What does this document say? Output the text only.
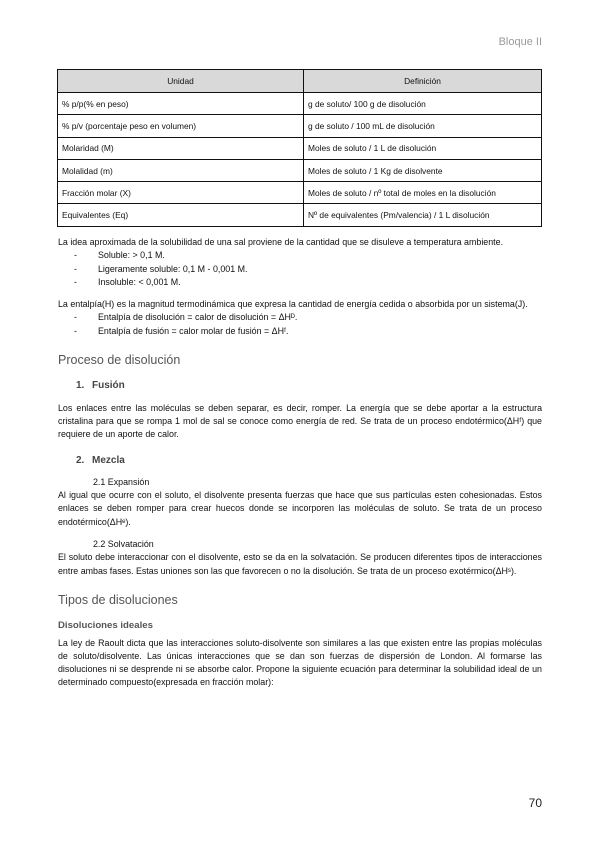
Bloque II
Unidad	Definición
% p/p(% en peso)	g de soluto/ 100 g de disolución
% p/v (porcentaje peso en volumen)	g de soluto / 100 mL de disolución
Molaridad (M)	Moles de soluto / 1 L de disolución
Molalidad (m)	Moles de soluto / 1 Kg de disolvente
Fracción molar (X)	Moles de soluto / nº total de moles en la disolución
Equivalentes (Eq)	Nº de equivalentes (Pm/valencia) / 1 L disolución

La idea aproximada de la solubilidad de una sal proviene de la cantidad que se disuleve a temperatura ambiente.

- Soluble: > 0,1 M.
- Ligeramente soluble: 0,1 M - 0,001 M.
- Insoluble: < 0,001 M.

La entalpía(H) es la magnitud termodinámica que expresa la cantidad de energía cedida o absorbida por un sistema(J).

- Entalpía de disolución = calor de disolución = ΔHᴰ.
- Entalpía de fusión = calor molar de fusión = ΔHᶠ.
Proceso de disolución
1. Fusión

Los enlaces entre las moléculas se deben separar, es decir, romper. La energía que se debe aportar a la estructura cristalina para que se rompa 1 mol de sal se conoce como energía de red. Se trata de un proceso endotérmico(ΔHᶠ) que requiere de un aporte de calor.

2. Mezcla
2.1 Expansión

Al igual que ocurre con el soluto, el disolvente presenta fuerzas que hace que sus partículas esten cohesionadas. Estos enlaces se deben romper para crear huecos donde se incorporen las moléculas de soluto. Se trata de un proceso endotérmico(ΔHᵉ).

2.2 Solvatación

El soluto debe interaccionar con el disolvente, esto se da en la solvatación. Se producen diferentes tipos de interacciones entre ambas fases. Estas uniones son las que favorecen o no la disolución. Se trata de un proceso exotérmico(ΔHˢ).

Tipos de disoluciones
Disoluciones ideales

La ley de Raoult dicta que las interacciones soluto-disolvente son similares a las que existen entre las propias moléculas de soluto/disolvente. Las únicas interacciones que se dan son fuerzas de dispersión de London. Al formarse las disoluciones ni se desprende ni se absorbe calor. Propone la siguiente ecuación para determinar la solubilidad ideal de un determinado compuesto(expresada en fracción molar):

70
